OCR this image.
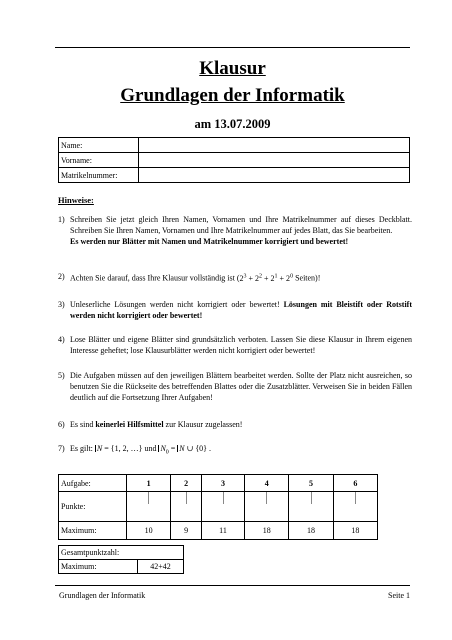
Klausur
Grundlagen der Informatik
am 13.07.2009
Name:	
Vorname:	
Matrikelnummer:	
Hinweise:
1) Schreiben Sie jetzt gleich Ihren Namen, Vornamen und Ihre Matrikelnummer auf dieses Deckblatt. Schreiben Sie Ihren Namen, Vornamen und Ihre Matrikelnummer auf jedes Blatt, das Sie bearbeiten.
Es werden nur Blätter mit Namen und Matrikelnummer korrigiert und bewertet!
2) Achten Sie darauf, dass Ihre Klausur vollständig ist ($2^3 + 2^2 + 2^1 + 2^0$ Seiten)!
3) Unleserliche Lösungen werden nicht korrigiert oder bewertet! Lösungen mit Bleistift oder Rotstift werden nicht korrigiert oder bewertet!
4) Lose Blätter und eigene Blätter sind grundsätzlich verboten. Lassen Sie diese Klausur in Ihrem eigenen Interesse geheftet; lose Klausurblätter werden nicht korrigiert oder bewertet!
5) Die Aufgaben müssen auf den jeweiligen Blättern bearbeitet werden. Sollte der Platz nicht ausreichen, so benutzen Sie die Rückseite des betreffenden Blattes oder die Zusatzblätter. Verweisen Sie in beiden Fällen deutlich auf die Fortsetzung Ihrer Aufgaben!
6) Es sind keinerlei Hilfsmittel zur Klausur zugelassen!
7) Es gilt: N = {1, 2, …} und $N_0 = N$ ∪ {0} .
Aufgabe:	1	2	3	4	5	6
Punkte:	

Maximum:	10	9	11	18	18	18
Gesamtpunktzahl:
Maximum:	42+42
Grundlagen der Informatik	Seite 1
